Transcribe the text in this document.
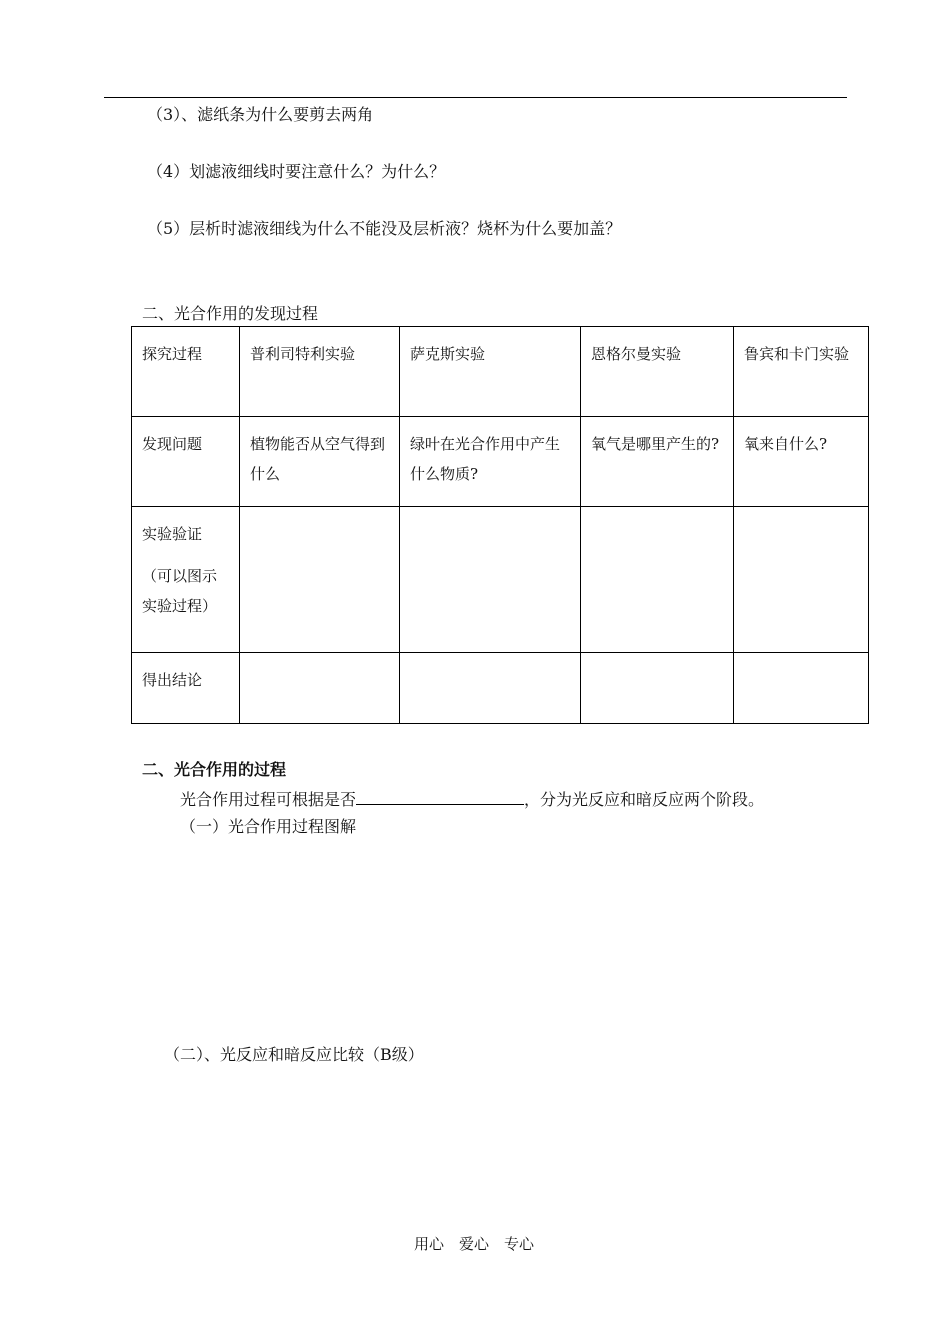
（3）、滤纸条为什么要剪去两角
（4）划滤液细线时要注意什么？为什么？
（5）层析时滤液细线为什么不能没及层析液？烧杯为什么要加盖？
二、光合作用的发现过程
探究过程	普利司特利实验	萨克斯实验	恩格尔曼实验	鲁宾和卡门实验
发现问题	植物能否从空气得到什么	绿叶在光合作用中产生什么物质?	氧气是哪里产生的?	氧来自什么?

实验验证
（可以图示实验过程）				
得出结论				
二、光合作用的过程
光合作用过程可根据是否	，分为光反应和暗反应两个阶段。
（一）光合作用过程图解
（二）、光反应和暗反应比较（B级）
用心　爱心　专心
